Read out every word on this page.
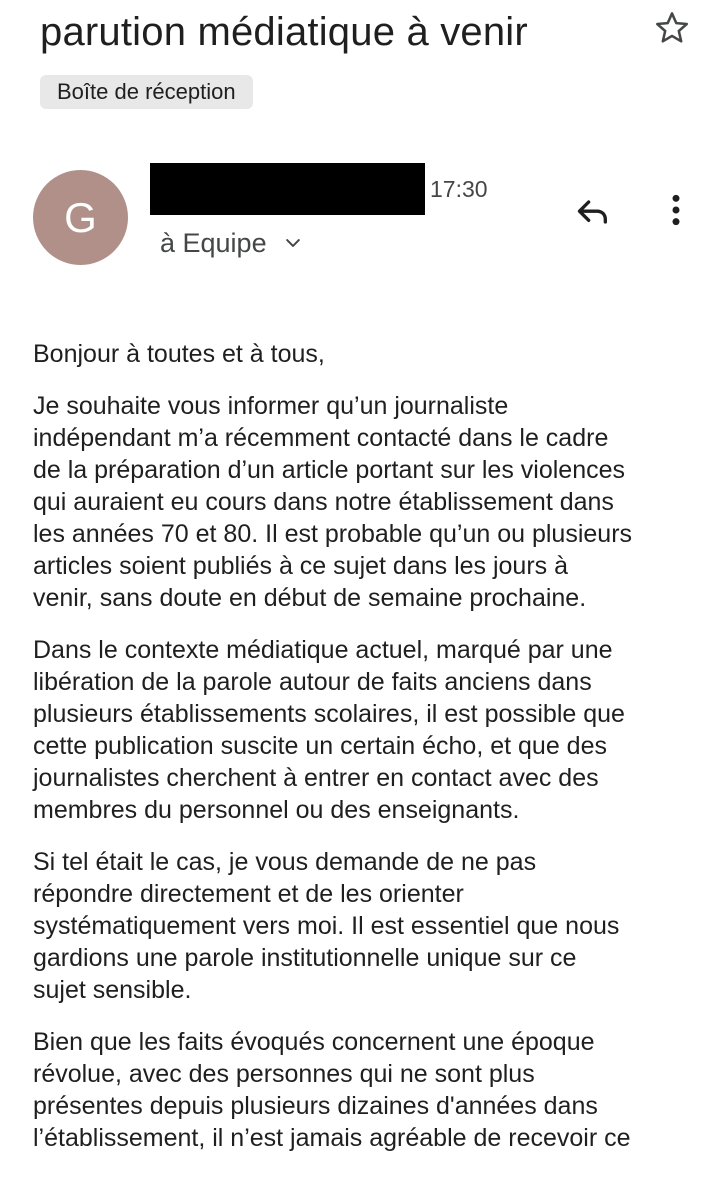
parution médiatique à venir
Boîte de réception
G
17:30
à Equipe

Bonjour à toutes et à tous,

Je souhaite vous informer qu’un journaliste
indépendant m’a récemment contacté dans le cadre
de la préparation d’un article portant sur les violences
qui auraient eu cours dans notre établissement dans
les années 70 et 80. Il est probable qu’un ou plusieurs
articles soient publiés à ce sujet dans les jours à
venir, sans doute en début de semaine prochaine.

Dans le contexte médiatique actuel, marqué par une
libération de la parole autour de faits anciens dans
plusieurs établissements scolaires, il est possible que
cette publication suscite un certain écho, et que des
journalistes cherchent à entrer en contact avec des
membres du personnel ou des enseignants.

Si tel était le cas, je vous demande de ne pas
répondre directement et de les orienter
systématiquement vers moi. Il est essentiel que nous
gardions une parole institutionnelle unique sur ce
sujet sensible.

Bien que les faits évoqués concernent une époque
révolue, avec des personnes qui ne sont plus
présentes depuis plusieurs dizaines d'années dans
l’établissement, il n’est jamais agréable de recevoir ce
